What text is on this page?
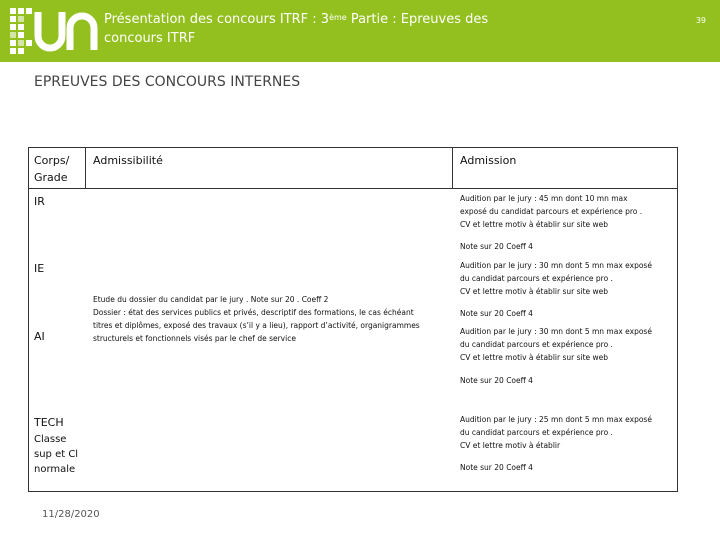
Présentation des concours ITRF : 3ème Partie : Epreuves des
concours ITRF
39
EPREUVES DES CONCOURS INTERNES
Corps/
Grade
Admissibilité	Admission
IR
IE
AI
TECH
Classe
sup et Cl
normale
Etude du dossier du candidat par le jury . Note sur 20 . Coeff 2
Dossier : état des services publics et privés, descriptif des formations, le cas échéant
titres et diplômes, exposé des travaux (s’il y a lieu), rapport d’activité, organigrammes
structurels et fonctionnels visés par le chef de service
Audition par le jury : 45 mn dont 10 mn max
exposé du candidat parcours et expérience pro .
CV et lettre motiv à établir sur site web
Note sur 20 Coeff 4
Audition par le jury : 30 mn dont 5 mn max exposé
du candidat parcours et expérience pro .
CV et lettre motiv à établir sur site web
Note sur 20 Coeff 4
Audition par le jury : 30 mn dont 5 mn max exposé
du candidat parcours et expérience pro .
CV et lettre motiv à établir sur site web
Note sur 20 Coeff 4
Audition par le jury : 25 mn dont 5 mn max exposé
du candidat parcours et expérience pro .
CV et lettre motiv à établir
Note sur 20 Coeff 4
11/28/2020
